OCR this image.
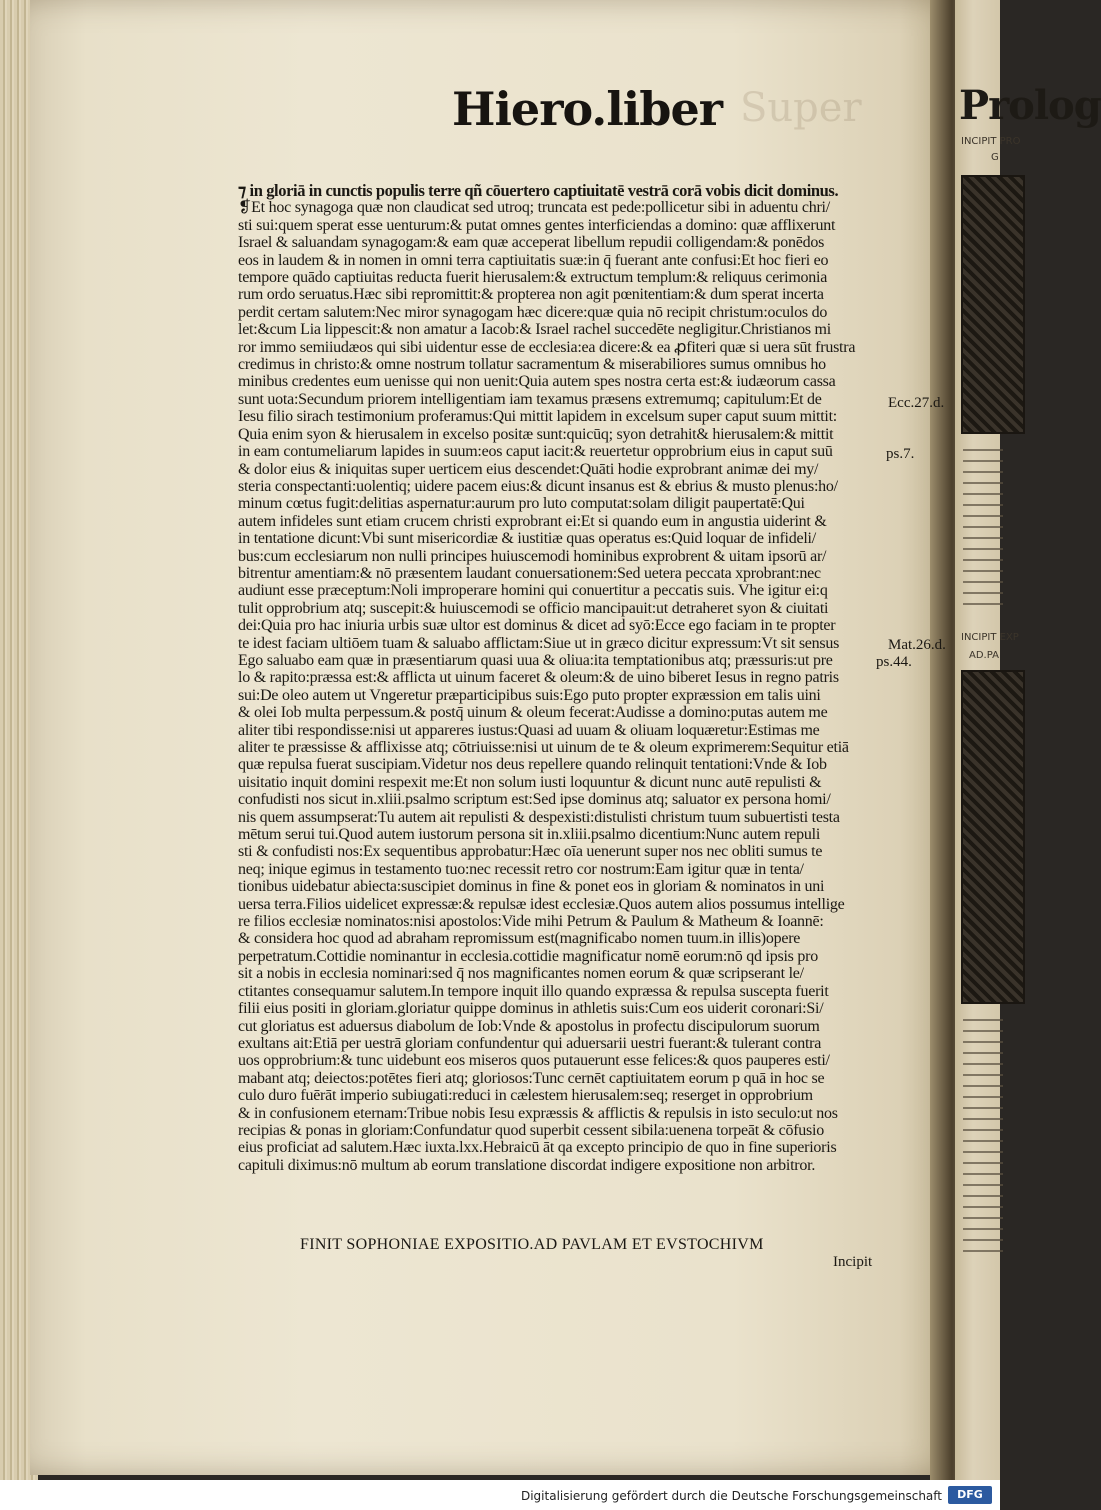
Prolog
INCIPIT PRO
G
INCIPIT EXP
AD.PA
Super
Hiero.liber
⁊ in gloriā in cunctis populis terre qñ cōuertero captiuitatē vestrā corā vobis dicit dominus.
❡Et hoc synagoga quæ non claudicat sed utroq; truncata est pede:pollicetur sibi in aduentu chri/
sti sui:quem sperat esse uenturum:& putat omnes gentes interficiendas a domino: quæ afflixerunt
Israel & saluandam synagogam:& eam quæ acceperat libellum repudii colligendam:& ponēdos
eos in laudem & in nomen in omni terra captiuitatis suæ:in q̄ fuerant ante confusi:Et hoc fieri eo
tempore quādo captiuitas reducta fuerit hierusalem:& extructum templum:& reliquus cerimonia
rum ordo seruatus.Hæc sibi repromittit:& propterea non agit pœnitentiam:& dum sperat incerta
perdit certam salutem:Nec miror synagogam hæc dicere:quæ quia nō recipit christum:oculos do
let:&cum Lia lippescit:& non amatur a Iacob:& Israel rachel succedēte negligitur.Christianos mi
ror immo semiiudæos qui sibi uidentur esse de ecclesia:ea dicere:& ea ꝓfiteri quæ si uera sūt frustra
credimus in christo:& omne nostrum tollatur sacramentum & miserabiliores sumus omnibus ho
minibus credentes eum uenisse qui non uenit:Quia autem spes nostra certa est:& iudæorum cassa
sunt uota:Secundum priorem intelligentiam iam texamus præsens extremumq; capitulum:Et de
Iesu filio sirach testimonium proferamus:Qui mittit lapidem in excelsum super caput suum mittit:
Quia enim syon & hierusalem in excelso positæ sunt:quicūq; syon detrahit& hierusalem:& mittit
in eam contumeliarum lapides in suum:eos caput iacit:& reuertetur opprobrium eius in caput suū
& dolor eius & iniquitas super uerticem eius descendet:Quāti hodie exprobrant animæ dei my/
steria conspectanti:uolentiq; uidere pacem eius:& dicunt insanus est & ebrius & musto plenus:ho/
minum cœtus fugit:delitias aspernatur:aurum pro luto computat:solam diligit paupertatē:Qui
autem infideles sunt etiam crucem christi exprobrant ei:Et si quando eum in angustia uiderint &
in tentatione dicunt:Vbi sunt misericordiæ & iustitiæ quas operatus es:Quid loquar de infideli/
bus:cum ecclesiarum non nulli principes huiuscemodi hominibus exprobrent & uitam ipsorū ar/
bitrentur amentiam:& nō præsentem laudant conuersationem:Sed uetera peccata xprobrant:nec
audiunt esse præceptum:Noli improperare homini qui conuertitur a peccatis suis. Vhe igitur ei:q
tulit opprobrium atq; suscepit:& huiuscemodi se officio mancipauit:ut detraheret syon & ciuitati
dei:Quia pro hac iniuria urbis suæ ultor est dominus & dicet ad syō:Ecce ego faciam in te propter
te idest faciam ultiōem tuam & saluabo afflictam:Siue ut in græco dicitur expressum:Vt sit sensus
Ego saluabo eam quæ in præsentiarum quasi uua & oliua:ita temptationibus atq; præssuris:ut pre
lo & rapito:præssa est:& afflicta ut uinum faceret & oleum:& de uino biberet Iesus in regno patris
sui:De oleo autem ut Vngeretur præparticipibus suis:Ego puto propter expræssion em talis uini
& olei Iob multa perpessum.& postq̄ uinum & oleum fecerat:Audisse a domino:putas autem me
aliter tibi respondisse:nisi ut appareres iustus:Quasi ad uuam & oliuam loquæretur:Estimas me
aliter te præssisse & afflixisse atq; cōtriuisse:nisi ut uinum de te & oleum exprimerem:Sequitur etiā
quæ repulsa fuerat suscipiam.Videtur nos deus repellere quando relinquit tentationi:Vnde & Iob
uisitatio inquit domini respexit me:Et non solum iusti loquuntur & dicunt nunc autē repulisti &
confudisti nos sicut in.xliii.psalmo scriptum est:Sed ipse dominus atq; saluator ex persona homi/
nis quem assumpserat:Tu autem ait repulisti & despexisti:distulisti christum tuum subuertisti testa
mētum serui tui.Quod autem iustorum persona sit in.xliii.psalmo dicentium:Nunc autem repuli
sti & confudisti nos:Ex sequentibus approbatur:Hæc oīa uenerunt super nos nec obliti sumus te
neq; inique egimus in testamento tuo:nec recessit retro cor nostrum:Eam igitur quæ in tenta/
tionibus uidebatur abiecta:suscipiet dominus in fine & ponet eos in gloriam & nominatos in uni
uersa terra.Filios uidelicet expressæ:& repulsæ idest ecclesiæ.Quos autem alios possumus intellige
re filios ecclesiæ nominatos:nisi apostolos:Vide mihi Petrum & Paulum & Matheum & Ioannē:
& considera hoc quod ad abraham repromissum est(magnificabo nomen tuum.in illis)opere
perpetratum.Cottidie nominantur in ecclesia.cottidie magnificatur nomē eorum:nō qd ipsis pro
sit a nobis in ecclesia nominari:sed q̄ nos magnificantes nomen eorum & quæ scripserant le/
ctitantes consequamur salutem.In tempore inquit illo quando expræssa & repulsa suscepta fuerit
filii eius positi in gloriam.gloriatur quippe dominus in athletis suis:Cum eos uiderit coronari:Si/
cut gloriatus est aduersus diabolum de Iob:Vnde & apostolus in profectu discipulorum suorum
exultans ait:Etiā per uestrā gloriam confundentur qui aduersarii uestri fuerant:& tulerant contra
uos opprobrium:& tunc uidebunt eos miseros quos putauerunt esse felices:& quos pauperes esti/
mabant atq; deiectos:potētes fieri atq; gloriosos:Tunc cernēt captiuitatem eorum p quā in hoc se
culo duro fuērāt imperio subiugati:reduci in cælestem hierusalem:seq; reserget in opprobrium
& in confusionem eternam:Tribue nobis Iesu expræssis & afflictis & repulsis in isto seculo:ut nos
recipias & ponas in gloriam:Confundatur quod superbit cessent sibila:uenena torpeāt & cōfusio
eius proficiat ad salutem.Hæc iuxta.lxx.Hebraicū āt qa excepto principio de quo in fine superioris
capituli diximus:nō multum ab eorum translatione discordat indigere expositione non arbitror.
Ecc.27.d.
ps.7.
Mat.26.d.
ps.44.
FINIT SOPHONIAE EXPOSITIO.AD PAVLAM ET EVSTOCHIVM
Incipit
Digitalisierung gefördert durch die Deutsche Forschungsgemeinschaft	DFG
